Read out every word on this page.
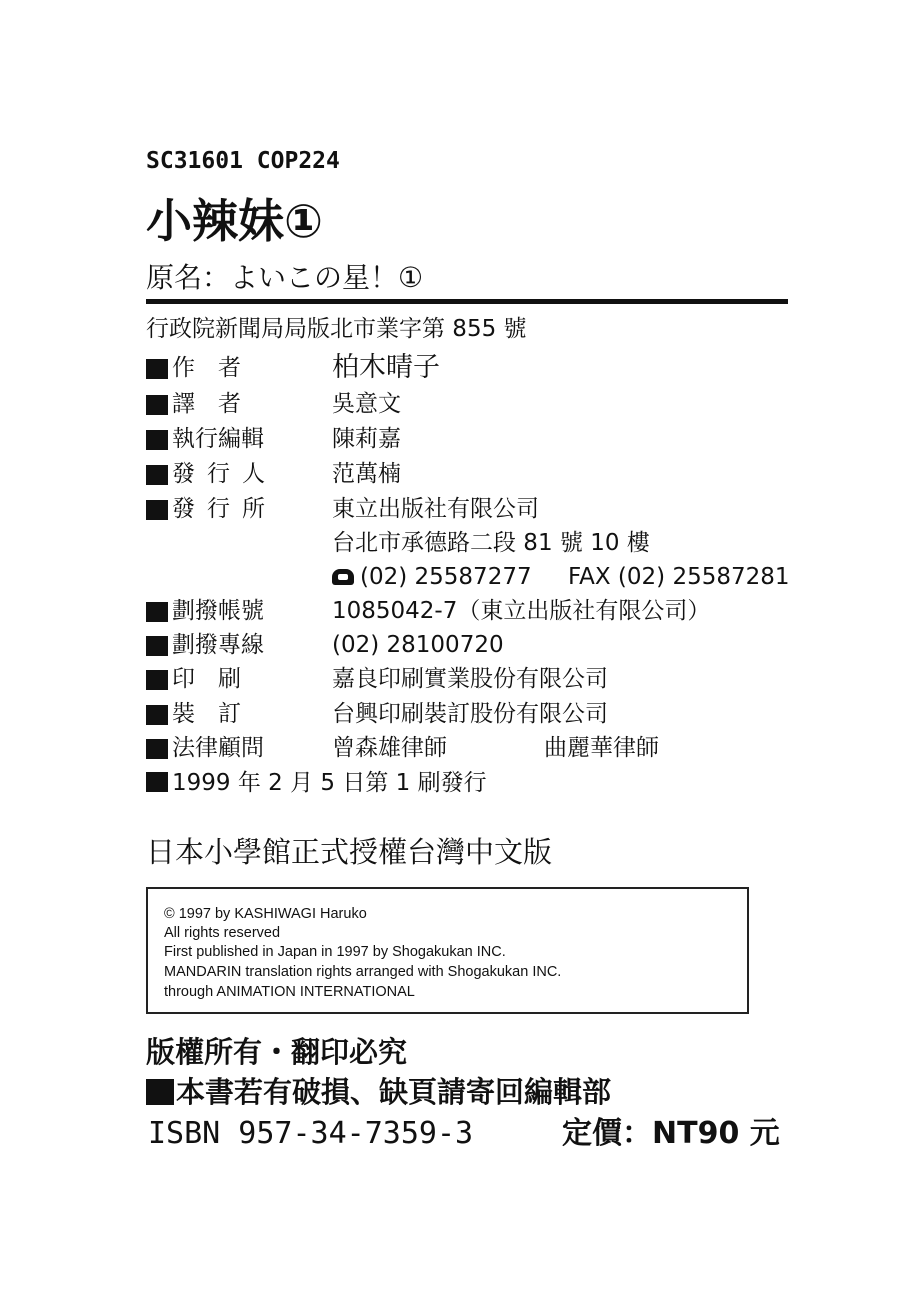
SC31601 COP224
小辣妹①
原名：よいこの星！①
行政院新聞局局版北市業字第 855 號
作　者	柏木晴子
譯　者	吳意文
執行編輯	陳莉嘉
發行人	范萬楠
發行所	東立出版社有限公司
台北市承德路二段 81 號 10 樓
(02) 25587277 FAX (02) 25587281
劃撥帳號	1085042-7（東立出版社有限公司）
劃撥專線	(02) 28100720
印　刷	嘉良印刷實業股份有限公司
裝　訂	台興印刷裝訂股份有限公司
法律顧問	曾森雄律師	曲麗華律師
1999 年 2 月 5 日第 1 刷發行
日本小學館正式授權台灣中文版
© 1997 by KASHIWAGI Haruko
All rights reserved
First published in Japan in 1997 by Shogakukan INC.
MANDARIN translation rights arranged with Shogakukan INC.
through ANIMATION INTERNATIONAL
版權所有・翻印必究
本書若有破損、缺頁請寄回編輯部
ISBN 957-34-7359-3	定價：NT90 元
